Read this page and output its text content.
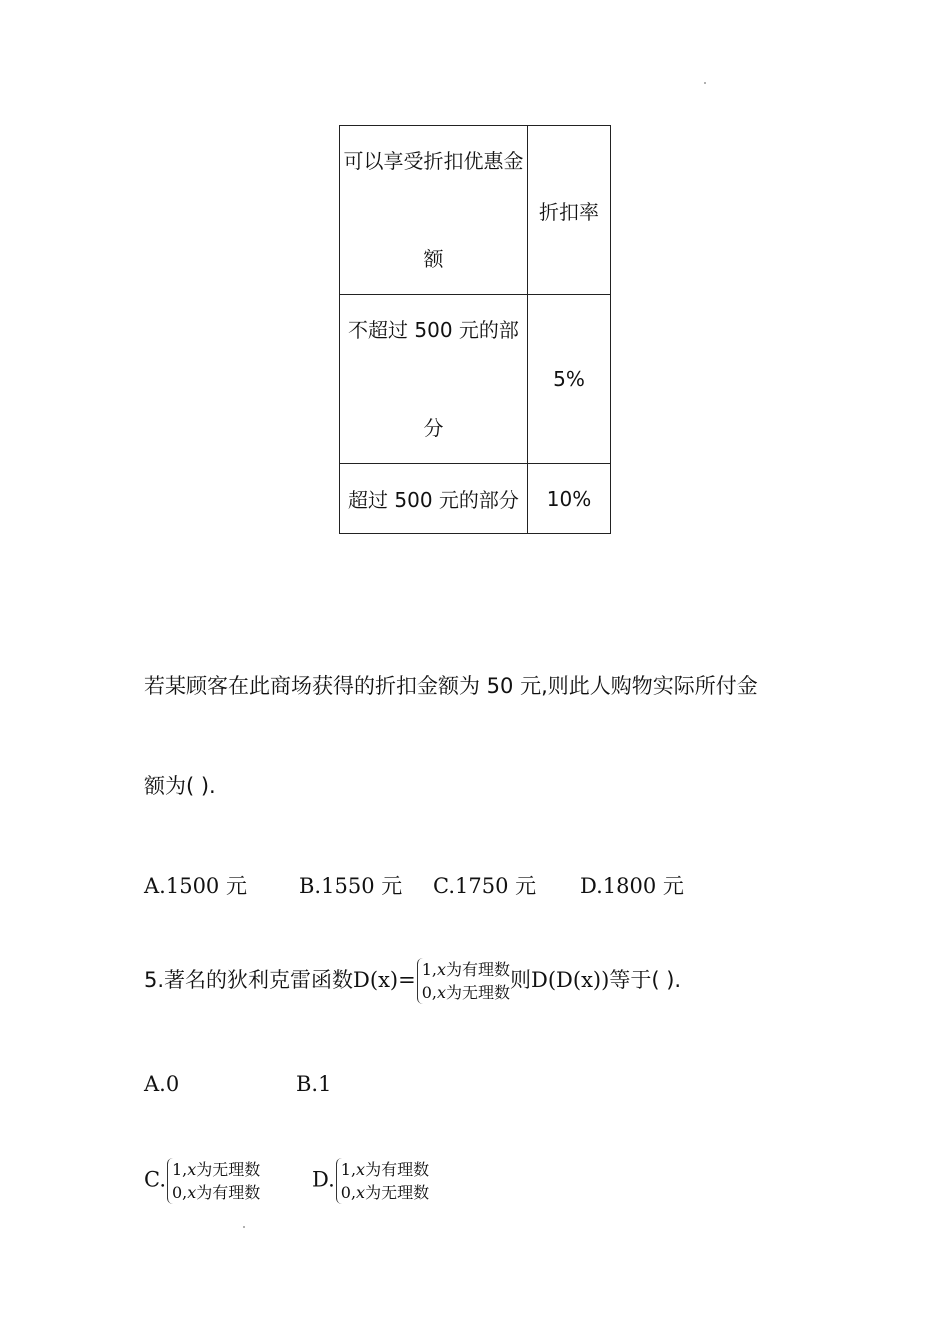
可以享受折扣优惠金额	折扣率

不超过 500 元的部分	5%
超过 500 元的部分	10%
若某顾客在此商场获得的折扣金额为 50 元,则此人购物实际所付金
额为( ).
A.1500 元 B.1550 元 C.1750 元 D.1800 元
5.著名的狄利克雷函数D(x)= 1,x为有理数
0,x为无理数则D(D(x))等于( ).
A.0	B.1
C. 1,x为无理数
0,x为有理数
D. 1,x为有理数
0,x为无理数
